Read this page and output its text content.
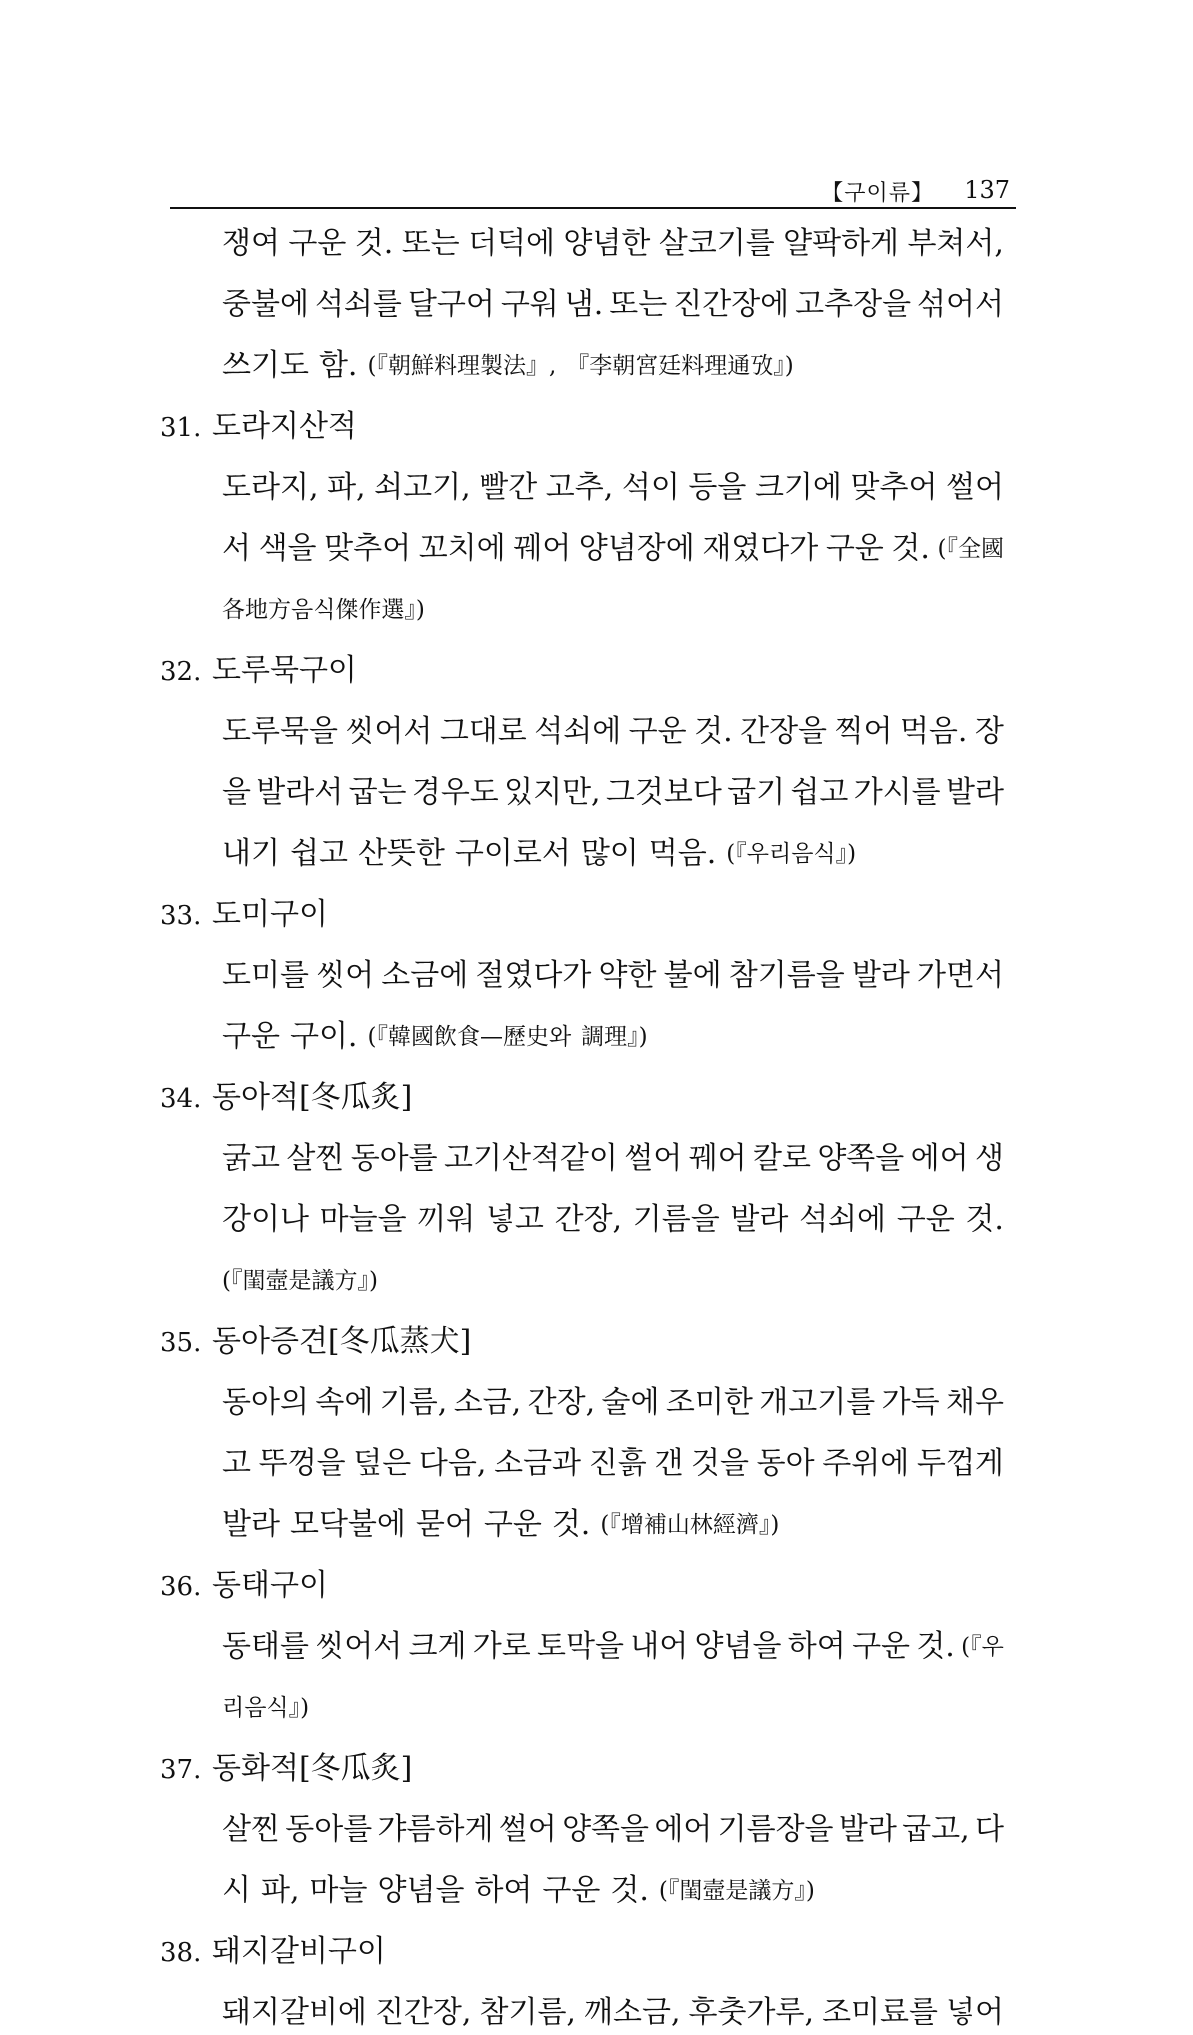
【구이류】 137
쟁여 구운 것. 또는 더덕에 양념한 살코기를 얄팍하게 부쳐서,
중불에 석쇠를 달구어 구워 냄. 또는 진간장에 고추장을 섞어서
쓰기도 함. (『朝鮮料理製法』, 『李朝宮廷料理通攷』)
31. 도라지산적
도라지, 파, 쇠고기, 빨간 고추, 석이 등을 크기에 맞추어 썰어
서 색을 맞추어 꼬치에 꿰어 양념장에 재였다가 구운 것. (『全國
各地方음식傑作選』)
32. 도루묵구이
도루묵을 씻어서 그대로 석쇠에 구운 것. 간장을 찍어 먹음. 장
을 발라서 굽는 경우도 있지만, 그것보다 굽기 쉽고 가시를 발라
내기 쉽고 산뜻한 구이로서 많이 먹음. (『우리음식』)
33. 도미구이
도미를 씻어 소금에 절였다가 약한 불에 참기름을 발라 가면서
구운 구이. (『韓國飲食—歷史와 調理』)
34. 동아적[冬瓜炙]
굵고 살찐 동아를 고기산적같이 썰어 꿰어 칼로 양쪽을 에어 생
강이나 마늘을 끼워 넣고 간장, 기름을 발라 석쇠에 구운 것.
(『閨壼是議方』)
35. 동아증견[冬瓜蒸犬]
동아의 속에 기름, 소금, 간장, 술에 조미한 개고기를 가득 채우
고 뚜껑을 덮은 다음, 소금과 진흙 갠 것을 동아 주위에 두껍게
발라 모닥불에 묻어 구운 것. (『增補山林經濟』)
36. 동태구이
동태를 씻어서 크게 가로 토막을 내어 양념을 하여 구운 것. (『우
리음식』)
37. 동화적[冬瓜炙]
살찐 동아를 갸름하게 썰어 양쪽을 에어 기름장을 발라 굽고, 다
시 파, 마늘 양념을 하여 구운 것. (『閨壼是議方』)
38. 돼지갈비구이
돼지갈비에 진간장, 참기름, 깨소금, 후춧가루, 조미료를 넣어
